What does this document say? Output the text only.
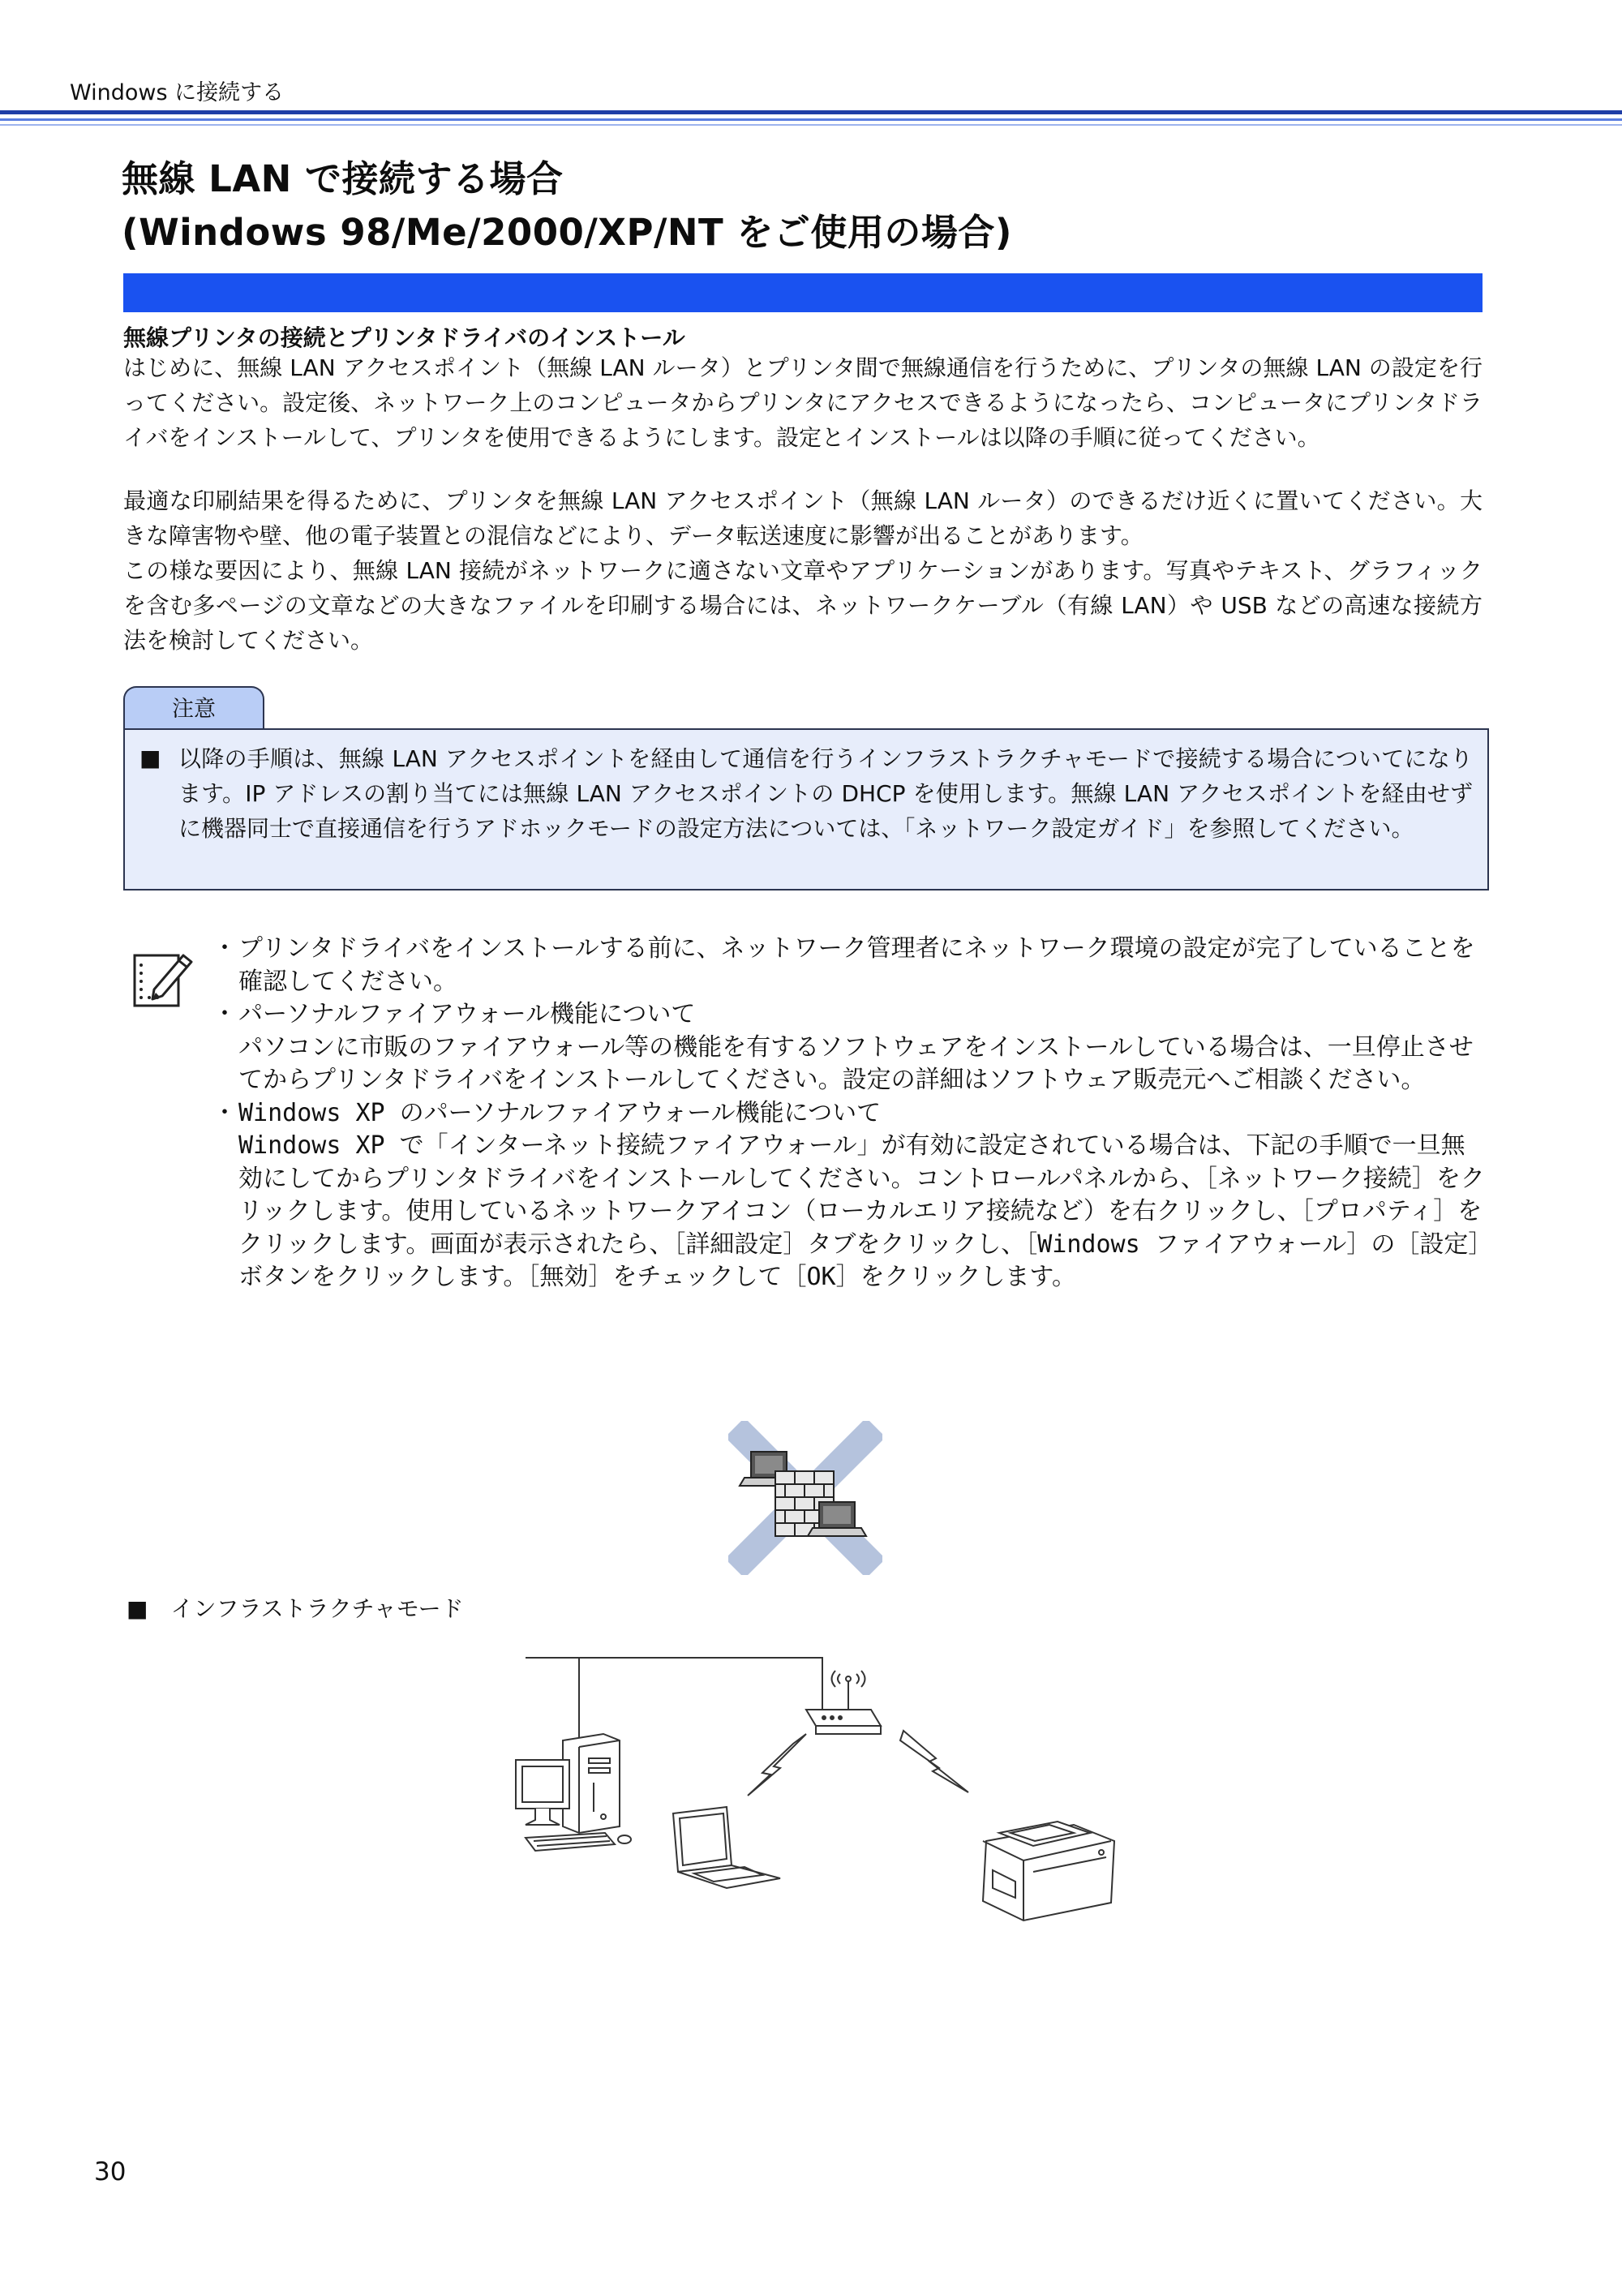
Windows に接続する
無線 LAN で接続する場合
(Windows 98/Me/2000/XP/NT をご使用の場合)
無線プリンタの接続とプリンタドライバのインストール
はじめに、無線 LAN アクセスポイント（無線 LAN ルータ）とプリンタ間で無線通信を行うために、プリンタの無線 LAN の設定を行ってください。設定後、ネットワーク上のコンピュータからプリンタにアクセスできるようになったら、コンピュータにプリンタドライバをインストールして、プリンタを使用できるようにします。設定とインストールは以降の手順に従ってください。
最適な印刷結果を得るために、プリンタを無線 LAN アクセスポイント（無線 LAN ルータ）のできるだけ近くに置いてください。大きな障害物や壁、他の電子装置との混信などにより、データ転送速度に影響が出ることがあります。
この様な要因により、無線 LAN 接続がネットワークに適さない文章やアプリケーションがあります。写真やテキスト、グラフィックを含む多ページの文章などの大きなファイルを印刷する場合には、ネットワークケーブル（有線 LAN）や USB などの高速な接続方法を検討してください。
注意
■ 以降の手順は、無線 LAN アクセスポイントを経由して通信を行うインフラストラクチャモードで接続する場合についてになります。IP アドレスの割り当てには無線 LAN アクセスポイントの DHCP を使用します。無線 LAN アクセスポイントを経由せずに機器同士で直接通信を行うアドホックモードの設定方法については、「ネットワーク設定ガイド」を参照してください。
・ プリンタドライバをインストールする前に、ネットワーク管理者にネットワーク環境の設定が完了していることを確認してください。
・ パーソナルファイアウォール機能について
パソコンに市販のファイアウォール等の機能を有するソフトウェアをインストールしている場合は、一旦停止させてからプリンタドライバをインストールしてください。設定の詳細はソフトウェア販売元へご相談ください。
・ Windows XP のパーソナルファイアウォール機能について
Windows XP で「インターネット接続ファイアウォール」が有効に設定されている場合は、下記の手順で一旦無効にしてからプリンタドライバをインストールしてください。コントロールパネルから、［ネットワーク接続］をクリックします。使用しているネットワークアイコン（ローカルエリア接続など）を右クリックし、［プロパティ］をクリックします。画面が表示されたら、［詳細設定］タブをクリックし、［Windows ファイアウォール］の［設定］ボタンをクリックします。［無効］をチェックして［OK］をクリックします。
■　インフラストラクチャモード
30
